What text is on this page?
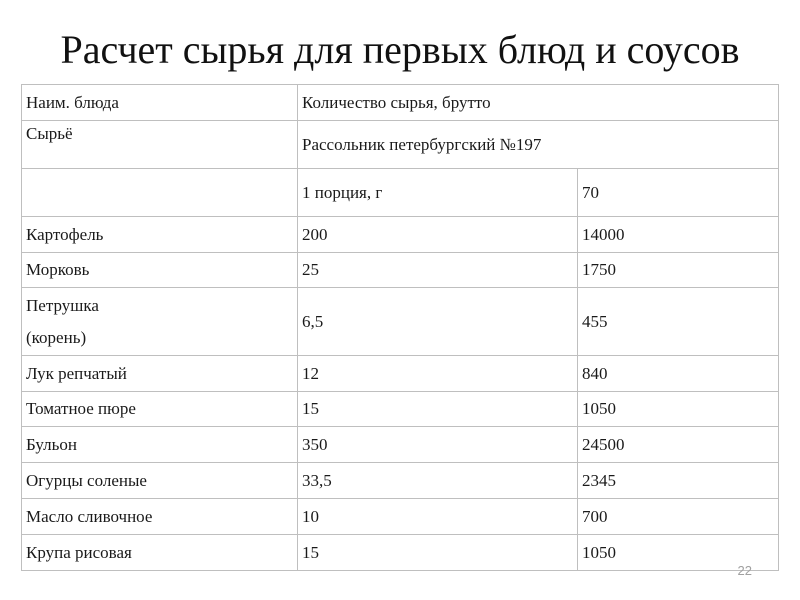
Расчет сырья для первых блюд и соусов
Наим. блюда	Количество сырья, брутто	
Сырьё	Рассольник петербургский №197	
	1 порция, г	70
Картофель	200	14000
Морковь	25	1750

Петрушка
(корень)	6,5	455
Лук репчатый	12	840
Томатное пюре	15	1050
Бульон	350	24500
Огурцы соленые	33,5	2345
Масло сливочное	10	700
Крупа рисовая	15	1050
22
